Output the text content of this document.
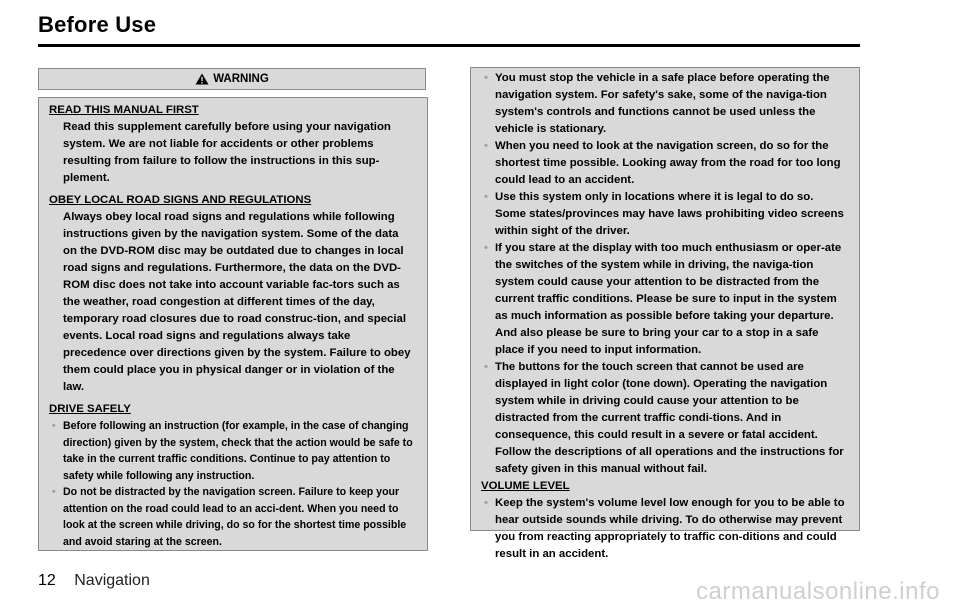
Before Use
WARNING
READ THIS MANUAL FIRST
Read this supplement carefully before using your navigation system. We are not liable for accidents or other problems resulting from failure to follow the instructions in this sup-plement.
OBEY LOCAL ROAD SIGNS AND REGULATIONS
Always obey local road signs and regulations while following instructions given by the navigation system. Some of the data on the DVD-ROM disc may be outdated due to changes in local road signs and regulations. Furthermore, the data on the DVD-ROM disc does not take into account variable fac-tors such as the weather, road congestion at different times of the day, temporary road closures due to road construc-tion, and special events. Local road signs and regulations always take precedence over directions given by the system. Failure to obey them could place you in physical danger or in violation of the law.
DRIVE SAFELY
• Before following an instruction (for example, in the case of changing direction) given by the system, check that the action would be safe to take in the current traffic conditions. Continue to pay attention to safety while following any instruction.
• Do not be distracted by the navigation screen. Failure to keep your attention on the road could lead to an acci-dent. When you need to look at the screen while driving, do so for the shortest time possible and avoid staring at the screen.
• You must stop the vehicle in a safe place before operating the navigation system. For safety's sake, some of the naviga-tion system's controls and functions cannot be used unless the vehicle is stationary.
• When you need to look at the navigation screen, do so for the shortest time possible. Looking away from the road for too long could lead to an accident.
• Use this system only in locations where it is legal to do so. Some states/provinces may have laws prohibiting video screens within sight of the driver.
• If you stare at the display with too much enthusiasm or oper-ate the switches of the system while in driving, the naviga-tion system could cause your attention to be distracted from the current traffic conditions. Please be sure to input in the system as much information as possible before taking your departure. And also please be sure to bring your car to a stop in a safe place if you need to input information.
• The buttons for the touch screen that cannot be used are displayed in light color (tone down). Operating the navigation system while in driving could cause your attention to be distracted from the current traffic condi-tions. And in consequence, this could result in a severe or fatal accident. Follow the descriptions of all operations and the instructions for safety given in this manual without fail.
VOLUME LEVEL
• Keep the system's volume level low enough for you to be able to hear outside sounds while driving. To do otherwise may prevent you from reacting appropriately to traffic con-ditions and could result in an accident.
12 Navigation	carmanualsonline.info
